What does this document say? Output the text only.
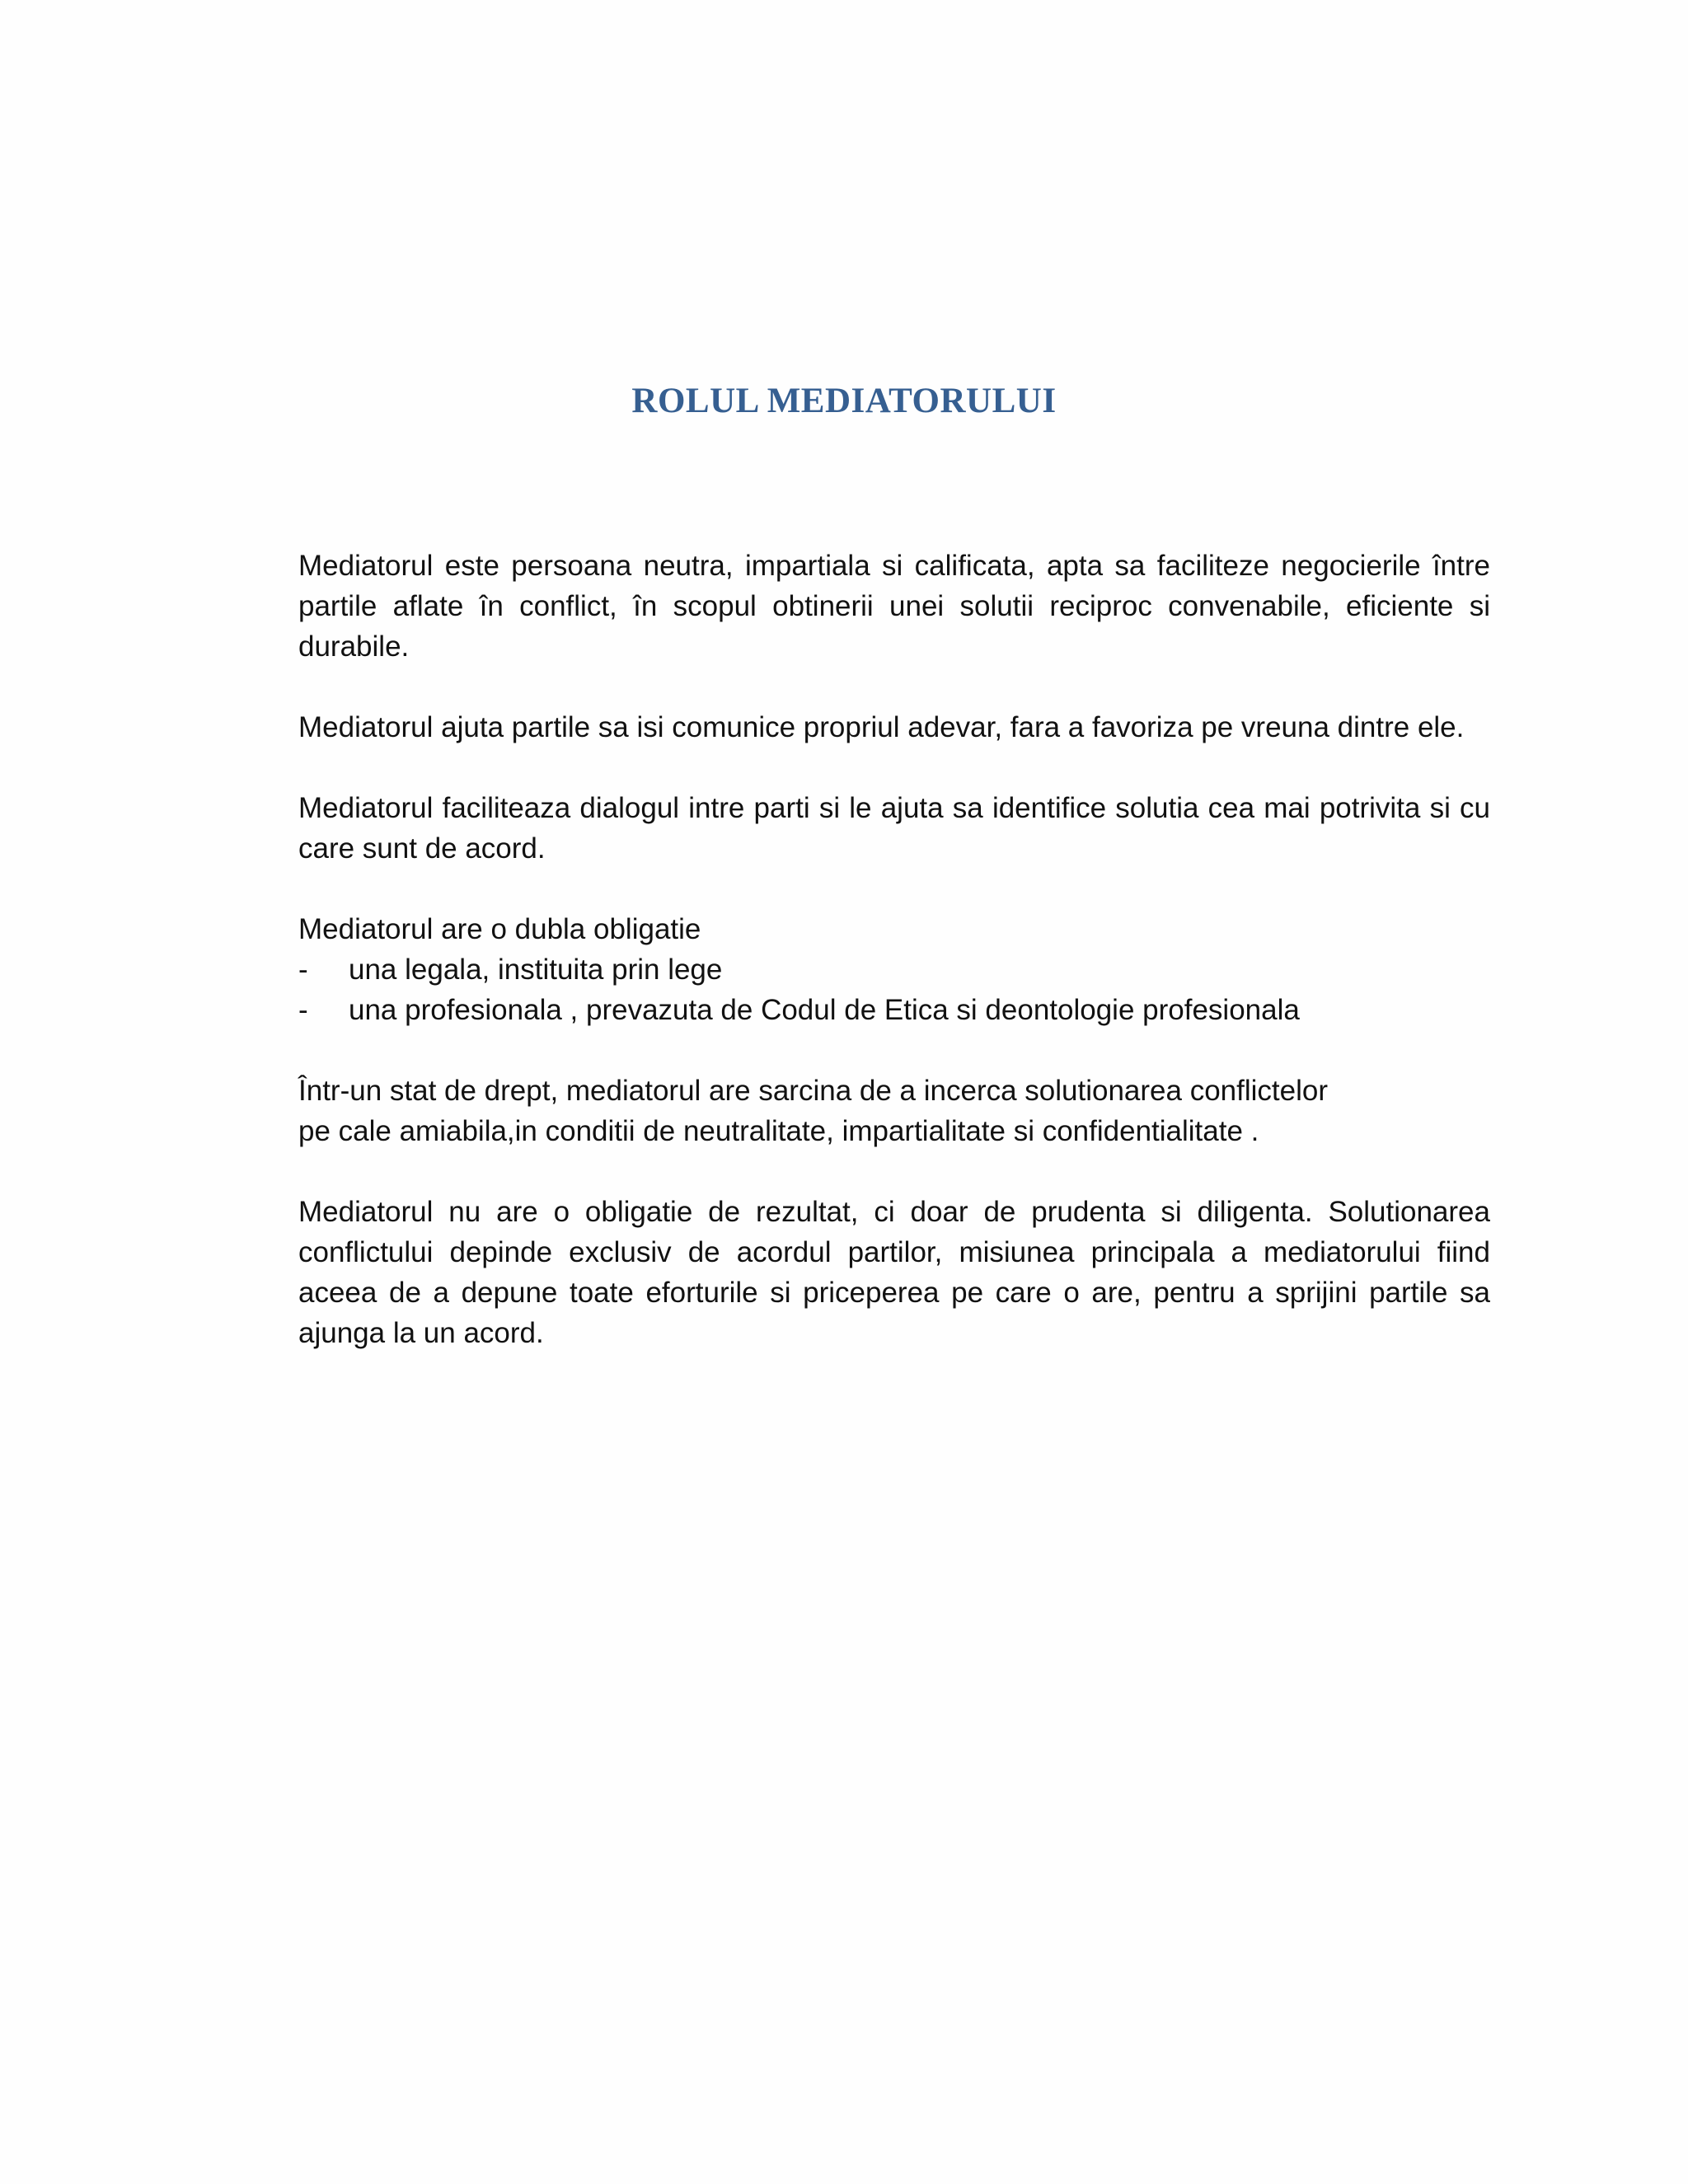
ROLUL MEDIATORULUI

Mediatorul este persoana neutra, impartiala si calificata, apta sa faciliteze negocierile între partile aflate în conflict, în scopul obtinerii unei solutii reciproc convenabile, eficiente si durabile.

Mediatorul ajuta partile sa isi comunice propriul adevar, fara a favoriza pe vreuna dintre ele.

Mediatorul faciliteaza dialogul intre parti si le ajuta sa identifice solutia cea mai potrivita si cu care sunt de acord.

Mediatorul are o dubla obligatie
-	una legala, instituita prin lege
-	una profesionala , prevazuta de Codul de Etica si deontologie profesionala
Într-un stat de drept, mediatorul are sarcina de a incerca solutionarea conflictelor
pe cale amiabila,in conditii de neutralitate, impartialitate si confidentialitate .

Mediatorul nu are o obligatie de rezultat, ci doar de prudenta si diligenta. Solutionarea conflictului depinde exclusiv de acordul partilor, misiunea principala a mediatorului fiind aceea de a depune toate eforturile si priceperea pe care o are, pentru a sprijini partile sa ajunga la un acord.
